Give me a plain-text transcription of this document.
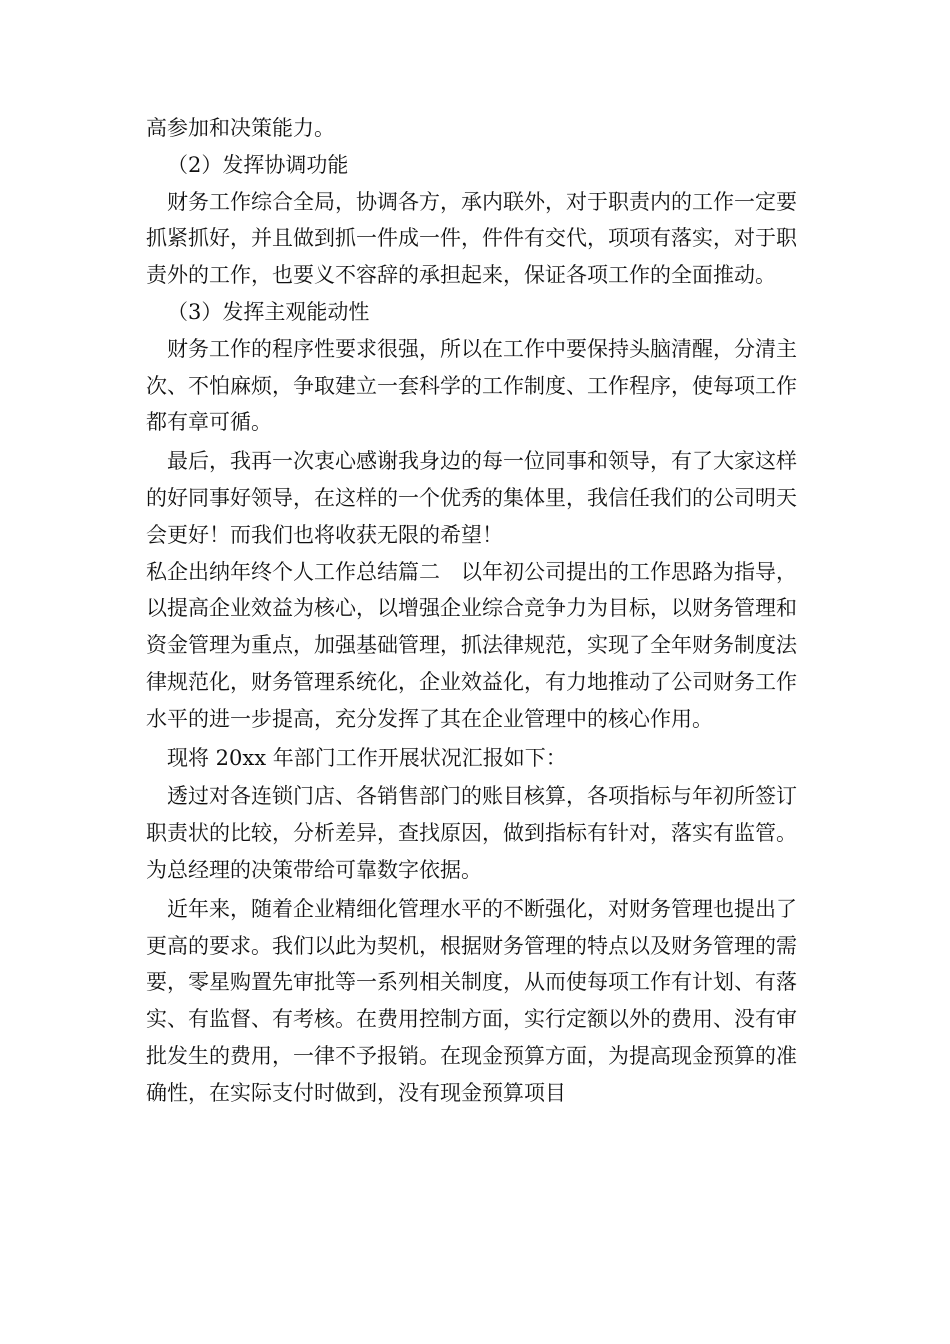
高参加和决策能力。

（2）发挥协调功能

财务工作综合全局，协调各方，承内联外，对于职责内的工作一定要抓紧抓好，并且做到抓一件成一件，件件有交代，项项有落实，对于职责外的工作，也要义不容辞的承担起来，保证各项工作的全面推动。

（3）发挥主观能动性

财务工作的程序性要求很强，所以在工作中要保持头脑清醒，分清主次、不怕麻烦，争取建立一套科学的工作制度、工作程序，使每项工作都有章可循。

最后，我再一次衷心感谢我身边的每一位同事和领导，有了大家这样的好同事好领导，在这样的一个优秀的集体里，我信任我们的公司明天会更好！而我们也将收获无限的希望！

私企出纳年终个人工作总结篇二　以年初公司提出的工作思路为指导，以提高企业效益为核心，以增强企业综合竞争力为目标，以财务管理和资金管理为重点，加强基础管理，抓法律规范，实现了全年财务制度法律规范化，财务管理系统化，企业效益化，有力地推动了公司财务工作水平的进一步提高，充分发挥了其在企业管理中的核心作用。

现将 20xx 年部门工作开展状况汇报如下：

透过对各连锁门店、各销售部门的账目核算，各项指标与年初所签订职责状的比较，分析差异，查找原因，做到指标有针对，落实有监管。为总经理的决策带给可靠数字依据。

近年来，随着企业精细化管理水平的不断强化，对财务管理也提出了更高的要求。我们以此为契机，根据财务管理的特点以及财务管理的需要，零星购置先审批等一系列相关制度，从而使每项工作有计划、有落实、有监督、有考核。在费用控制方面，实行定额以外的费用、没有审批发生的费用，一律不予报销。在现金预算方面，为提高现金预算的准确性，在实际支付时做到，没有现金预算项目
